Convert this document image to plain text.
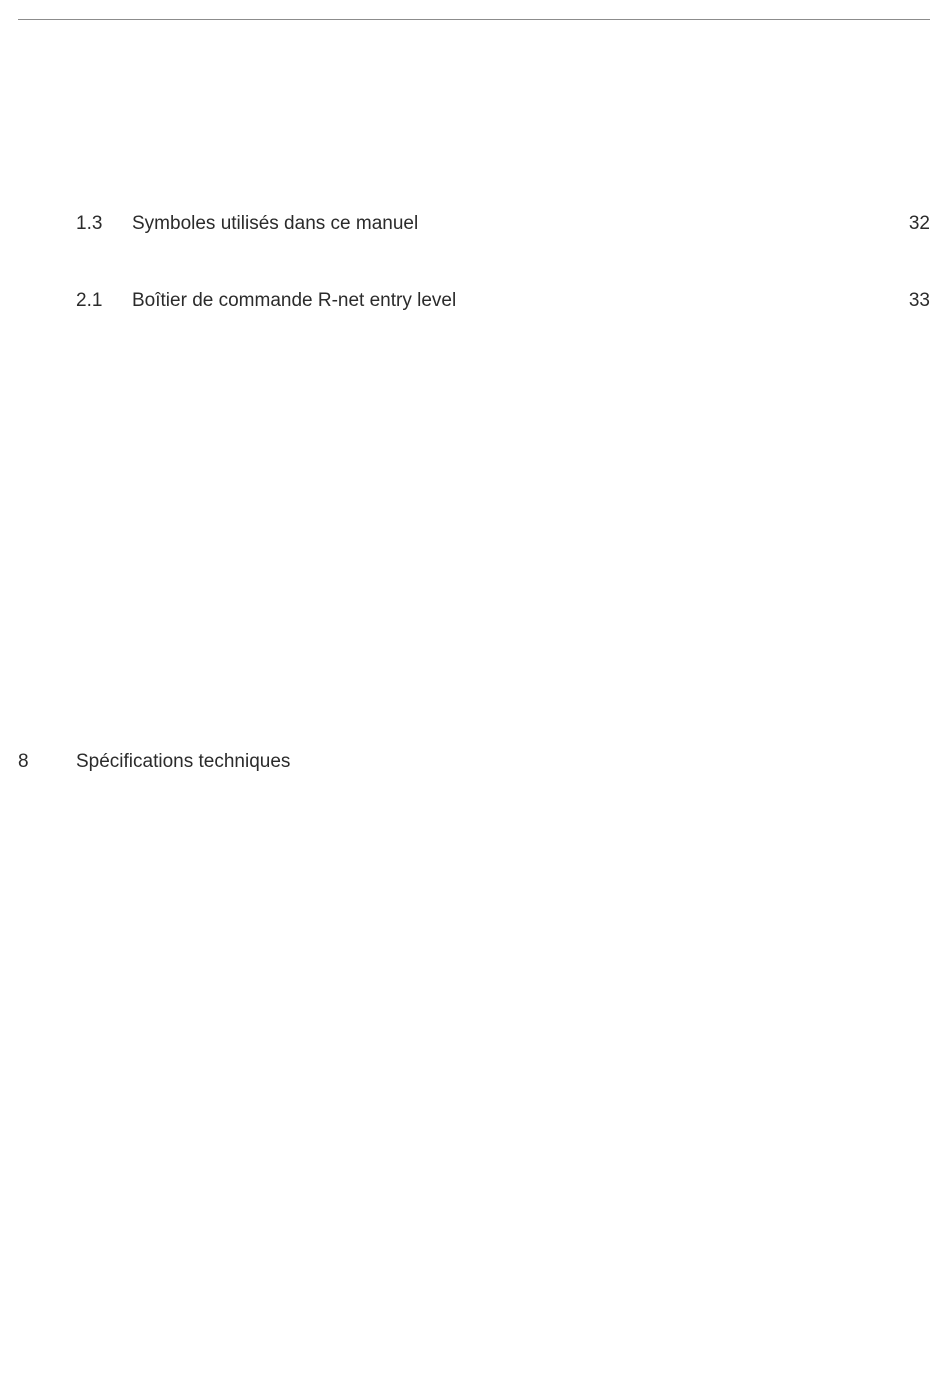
1.3 Symboles utilisés dans ce manuel	32
2.1 Boîtier de commande R-net entry level	33
8 Spécifications techniques
